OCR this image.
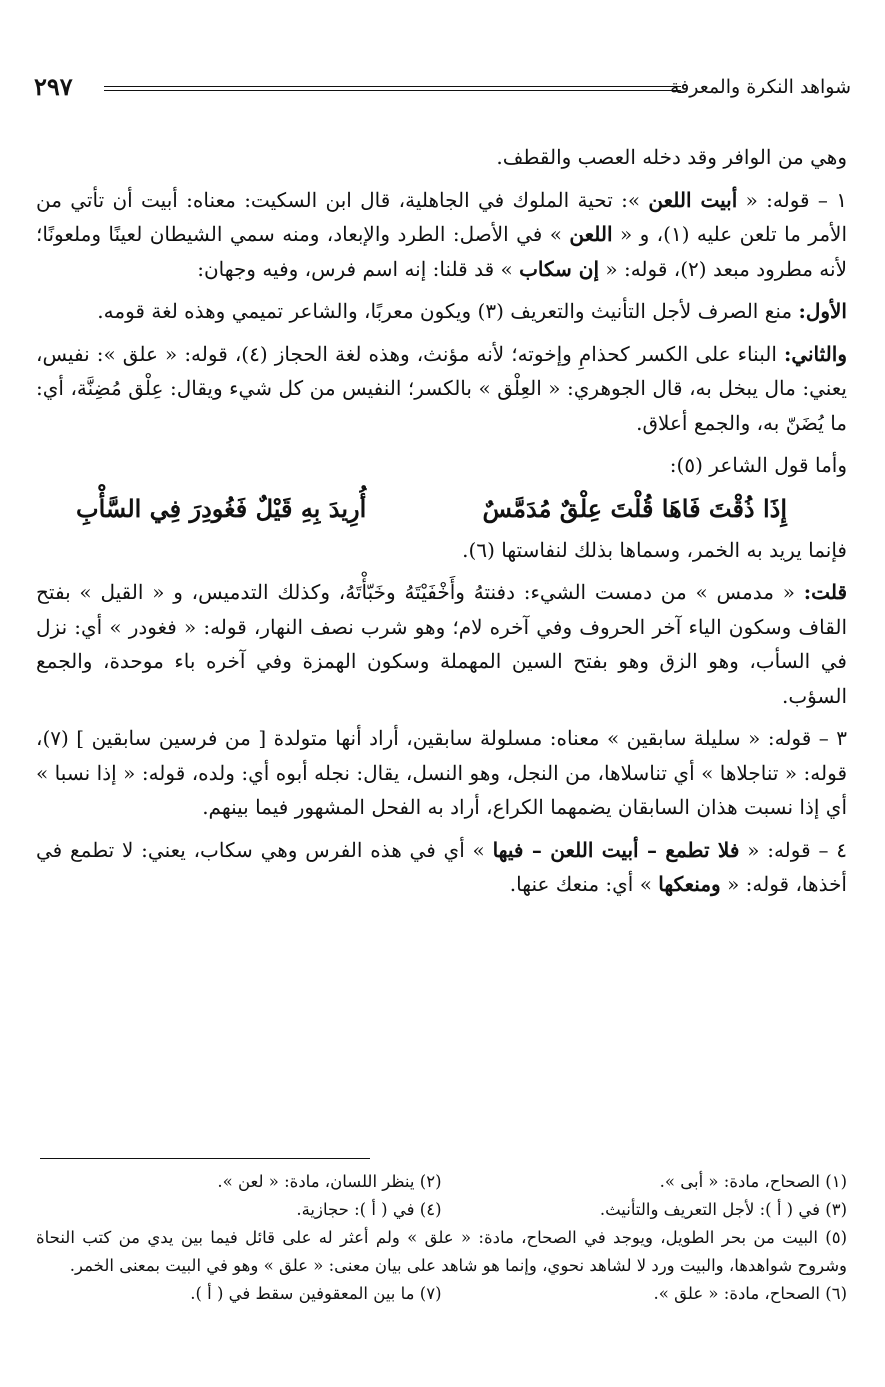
شواهد النكرة والمعرفة
٢٩٧

وهي من الوافر وقد دخله العصب والقطف.

١ – قوله: « أبيت اللعن »: تحية الملوك في الجاهلية، قال ابن السكيت: معناه: أبيت أن تأتي من الأمر ما تلعن عليه (١)، و « اللعن » في الأصل: الطرد والإبعاد، ومنه سمي الشيطان لعينًا وملعونًا؛ لأنه مطرود مبعد (٢)، قوله: « إن سكاب » قد قلنا: إنه اسم فرس، وفيه وجهان:

الأول: منع الصرف لأجل التأنيث والتعريف (٣) ويكون معربًا، والشاعر تميمي وهذه لغة قومه.

والثاني: البناء على الكسر كحذامِ وإخوته؛ لأنه مؤنث، وهذه لغة الحجاز (٤)، قوله: « علق »: نفيس، يعني: مال يبخل به، قال الجوهري: « العِلْق » بالكسر؛ النفيس من كل شيء ويقال: عِلْق مُضِنَّة، أي: ما يُضَنّ به، والجمع أعلاق.

وأما قول الشاعر (٥):

إِذَا ذُقْتَ فَاهَا قُلْتَ عِلْقٌ مُدَمَّسٌ
أُرِيدَ بِهِ قَيْلٌ فَغُودِرَ فِي السَّأْبِ

فإنما يريد به الخمر، وسماها بذلك لنفاستها (٦).

قلت: « مدمس » من دمست الشيء: دفنتهُ وأَخْفَيْتَهُ وخَبّأْتَهُ، وكذلك التدميس، و « القيل » بفتح القاف وسكون الياء آخر الحروف وفي آخره لام؛ وهو شرب نصف النهار، قوله: « فغودر » أي: نزل في السأب، وهو الزق وهو بفتح السين المهملة وسكون الهمزة وفي آخره باء موحدة، والجمع السؤب.

٣ – قوله: « سليلة سابقين » معناه: مسلولة سابقين، أراد أنها متولدة [ من فرسين سابقين ] (٧)، قوله: « تناجلاها » أي تناسلاها، من النجل، وهو النسل، يقال: نجله أبوه أي: ولده، قوله: « إذا نسبا » أي إذا نسبت هذان السابقان يضمهما الكراع، أراد به الفحل المشهور فيما بينهم.

٤ – قوله: « فلا تطمع – أبيت اللعن – فيها » أي في هذه الفرس وهي سكاب، يعني: لا تطمع في أخذها، قوله: « ومنعكها » أي: منعك عنها.

(١) الصحاح، مادة: « أبى ».
(٢) ينظر اللسان، مادة: « لعن ».
(٣) في ( أ ): لأجل التعريف والتأنيث.
(٤) في ( أ ): حجازية.
(٥) البيت من بحر الطويل، ويوجد في الصحاح، مادة: « علق » ولم أعثر له على قائل فيما بين يدي من كتب النحاة وشروح شواهدها، والبيت ورد لا لشاهد نحوي، وإنما هو شاهد على بيان معنى: « علق » وهو في البيت بمعنى الخمر.
(٦) الصحاح، مادة: « علق ».
(٧) ما بين المعقوفين سقط في ( أ ).
